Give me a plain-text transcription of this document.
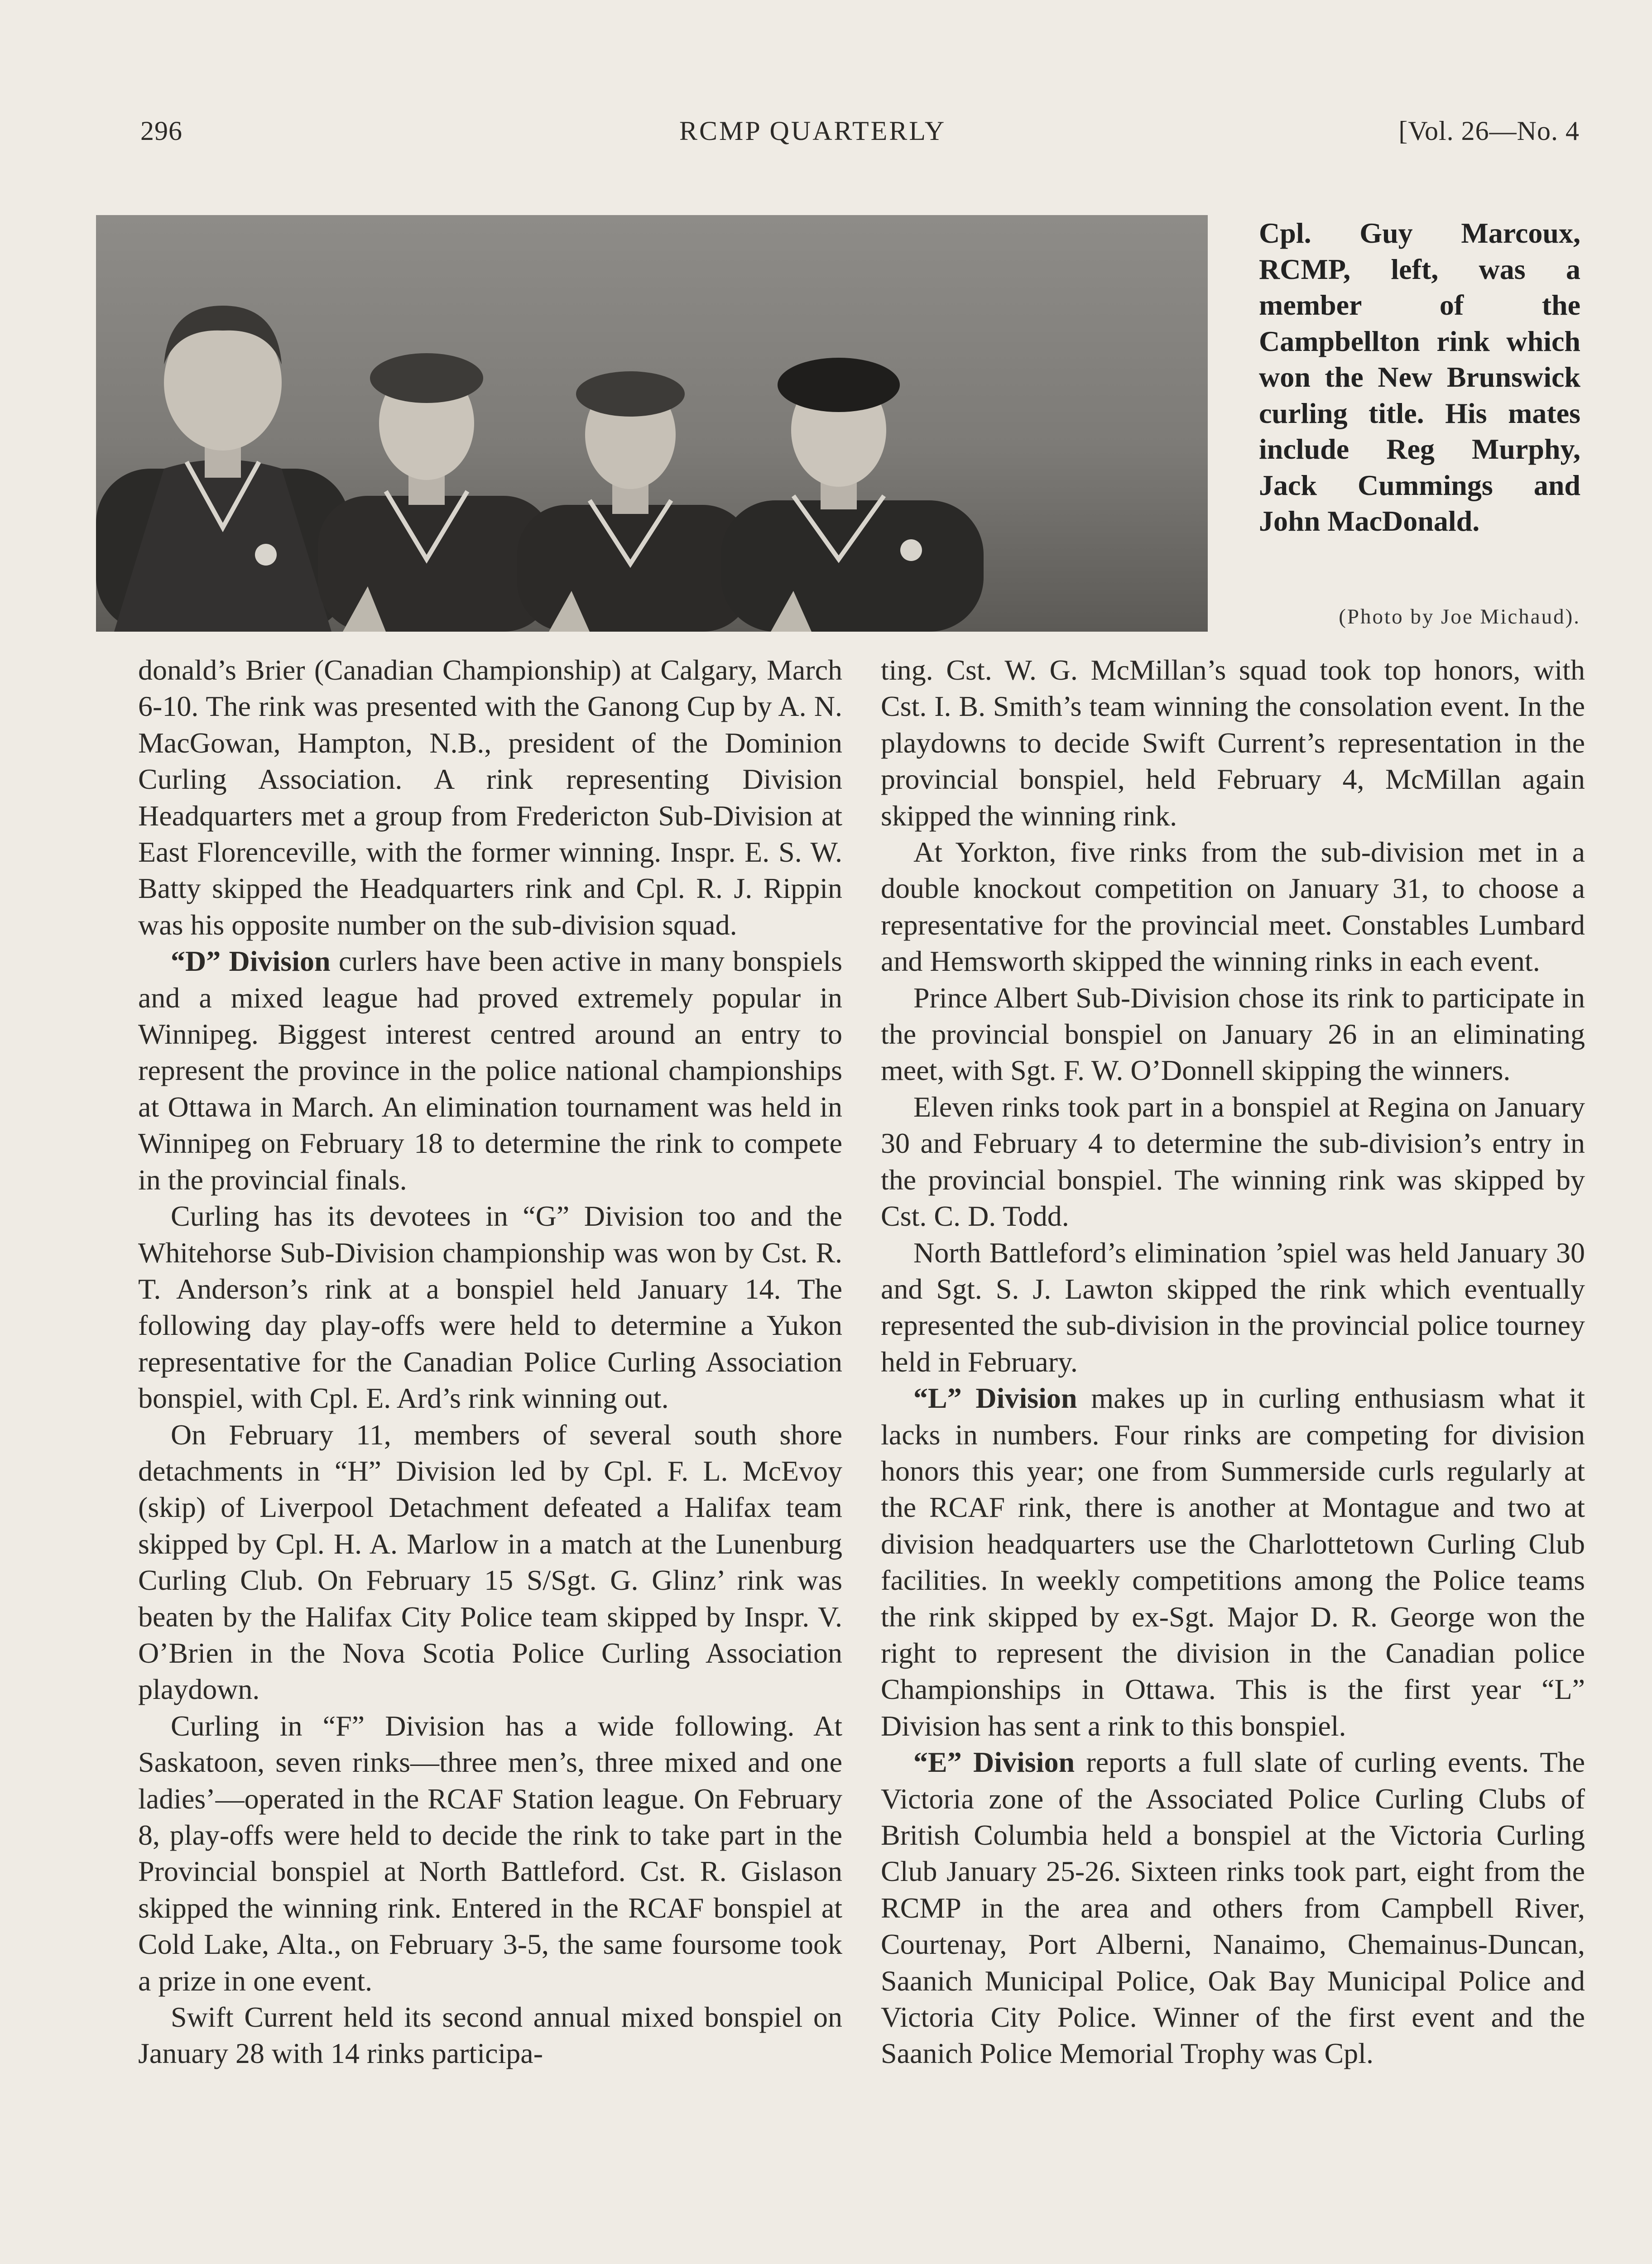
296	RCMP QUARTERLY	[Vol. 26—No. 4
Cpl. Guy Marcoux, RCMP, left, was a member of the Campbellton rink which won the New Brunswick curling title. His mates include Reg Murphy, Jack Cummings and John MacDonald.
(Photo by Joe Michaud).

donald’s Brier (Canadian Championship) at Calgary, March 6-10. The rink was presented with the Ganong Cup by A. N. MacGowan, Hampton, N.B., president of the Dominion Curling Association. A rink representing Division Headquarters met a group from Fredericton Sub-Division at East Florenceville, with the former winning. Inspr. E. S. W. Batty skipped the Headquarters rink and Cpl. R. J. Rippin was his opposite number on the sub-division squad.

“D” Division curlers have been active in many bonspiels and a mixed league had proved extremely popular in Winnipeg. Biggest interest centred around an entry to represent the province in the police national championships at Ottawa in March. An elimination tournament was held in Winnipeg on February 18 to determine the rink to compete in the provincial finals.

Curling has its devotees in “G” Division too and the Whitehorse Sub-Division championship was won by Cst. R. T. Anderson’s rink at a bonspiel held January 14. The following day play-offs were held to determine a Yukon representative for the Canadian Police Curling Association bonspiel, with Cpl. E. Ard’s rink winning out.

On February 11, members of several south shore detachments in “H” Division led by Cpl. F. L. McEvoy (skip) of Liverpool Detachment defeated a Halifax team skipped by Cpl. H. A. Marlow in a match at the Lunenburg Curling Club. On February 15 S/Sgt. G. Glinz’ rink was beaten by the Halifax City Police team skipped by Inspr. V. O’Brien in the Nova Scotia Police Curling Association playdown.

Curling in “F” Division has a wide following. At Saskatoon, seven rinks—three men’s, three mixed and one ladies’—operated in the RCAF Station league. On February 8, play-offs were held to decide the rink to take part in the Provincial bonspiel at North Battleford. Cst. R. Gislason skipped the winning rink. Entered in the RCAF bonspiel at Cold Lake, Alta., on February 3-5, the same foursome took a prize in one event.

Swift Current held its second annual mixed bonspiel on January 28 with 14 rinks participa-

ting. Cst. W. G. McMillan’s squad took top honors, with Cst. I. B. Smith’s team winning the consolation event. In the playdowns to decide Swift Current’s representation in the provincial bonspiel, held February 4, McMillan again skipped the winning rink.

At Yorkton, five rinks from the sub-division met in a double knockout competition on January 31, to choose a representative for the provincial meet. Constables Lumbard and Hemsworth skipped the winning rinks in each event.

Prince Albert Sub-Division chose its rink to participate in the provincial bonspiel on January 26 in an eliminating meet, with Sgt. F. W. O’Donnell skipping the winners.

Eleven rinks took part in a bonspiel at Regina on January 30 and February 4 to determine the sub-division’s entry in the provincial bonspiel. The winning rink was skipped by Cst. C. D. Todd.

North Battleford’s elimination ’spiel was held January 30 and Sgt. S. J. Lawton skipped the rink which eventually represented the sub-division in the provincial police tourney held in February.

“L” Division makes up in curling enthusiasm what it lacks in numbers. Four rinks are competing for division honors this year; one from Summerside curls regularly at the RCAF rink, there is another at Montague and two at division headquarters use the Charlottetown Curling Club facilities. In weekly competitions among the Police teams the rink skipped by ex-Sgt. Major D. R. George won the right to represent the division in the Canadian police Championships in Ottawa. This is the first year “L” Division has sent a rink to this bonspiel.

“E” Division reports a full slate of curling events. The Victoria zone of the Associated Police Curling Clubs of British Columbia held a bonspiel at the Victoria Curling Club January 25-26. Sixteen rinks took part, eight from the RCMP in the area and others from Campbell River, Courtenay, Port Alberni, Nanaimo, Chemainus-Duncan, Saanich Municipal Police, Oak Bay Municipal Police and Victoria City Police. Winner of the first event and the Saanich Police Memorial Trophy was Cpl.
